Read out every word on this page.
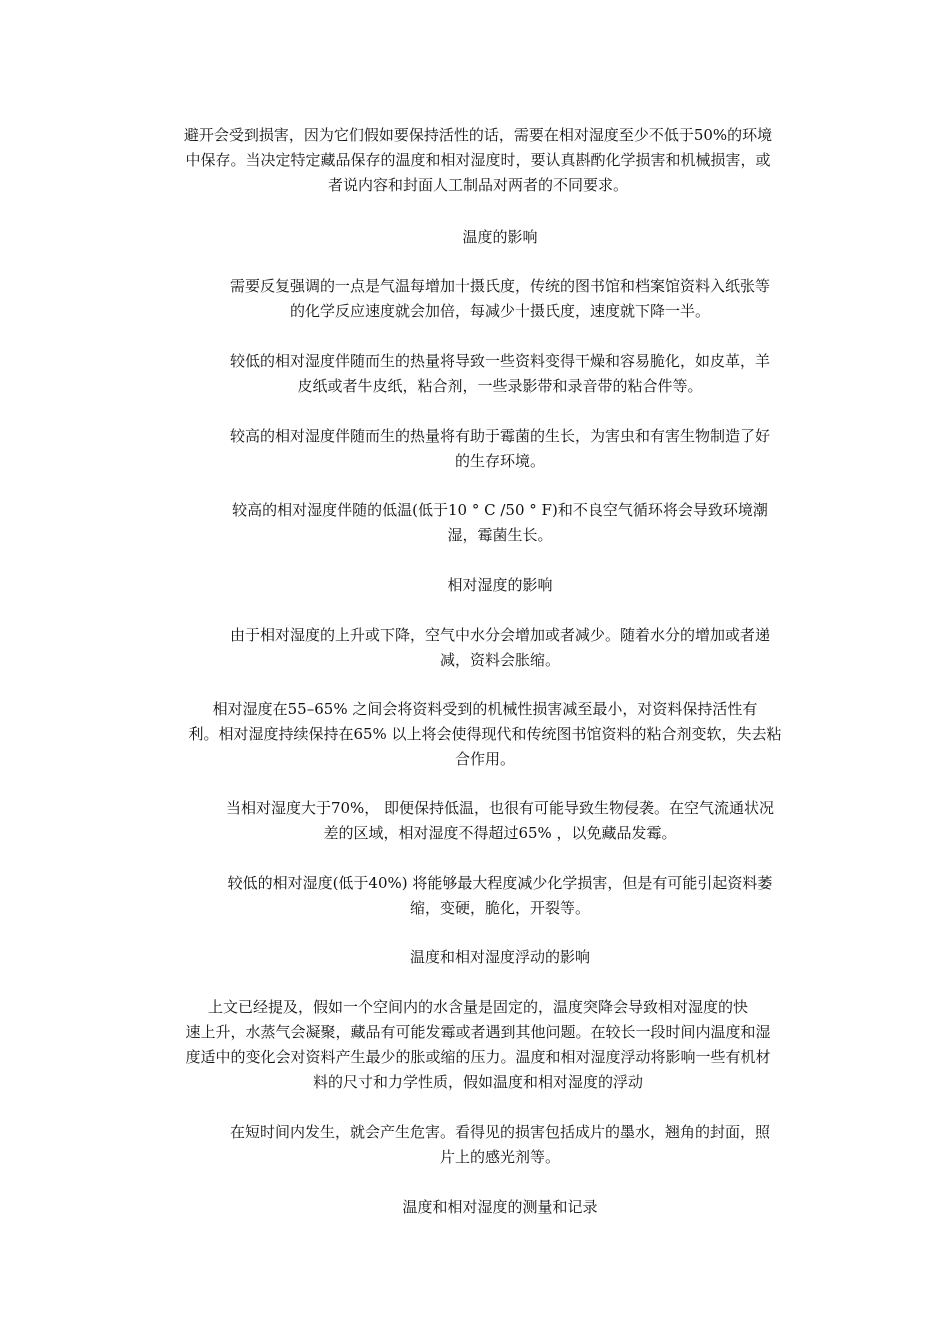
避开会受到损害，因为它们假如要保持活性的话，需要在相对湿度至少不低于50%的环境
中保存。当决定特定藏品保存的温度和相对湿度时，要认真斟酌化学损害和机械损害，或
者说内容和封面人工制品对两者的不同要求。
温度的影响
需要反复强调的一点是气温每增加十摄氏度，传统的图书馆和档案馆资料入纸张等
的化学反应速度就会加倍，每减少十摄氏度，速度就下降一半。
较低的相对湿度伴随而生的热量将导致一些资料变得干燥和容易脆化，如皮革，羊
皮纸或者牛皮纸，粘合剂，一些录影带和录音带的粘合件等。
较高的相对湿度伴随而生的热量将有助于霉菌的生长，为害虫和有害生物制造了好
的生存环境。
较高的相对湿度伴随的低温(低于10 ° C /50 ° F)和不良空气循环将会导致环境潮
湿，霉菌生长。
相对湿度的影响
由于相对湿度的上升或下降，空气中水分会增加或者减少。随着水分的增加或者递
减，资料会胀缩。
相对湿度在55–65% 之间会将资料受到的机械性损害减至最小，对资料保持活性有
利。相对湿度持续保持在65% 以上将会使得现代和传统图书馆资料的粘合剂变软，失去粘
合作用。
当相对湿度大于70%， 即便保持低温，也很有可能导致生物侵袭。在空气流通状况
差的区域，相对湿度不得超过65% ，以免藏品发霉。
较低的相对湿度(低于40%) 将能够最大程度减少化学损害，但是有可能引起资料萎
缩，变硬，脆化，开裂等。
温度和相对湿度浮动的影响
上文已经提及，假如一个空间内的水含量是固定的，温度突降会导致相对湿度的快
速上升，水蒸气会凝聚，藏品有可能发霉或者遇到其他问题。在较长一段时间内温度和湿
度适中的变化会对资料产生最少的胀或缩的压力。温度和相对湿度浮动将影响一些有机材
料的尺寸和力学性质，假如温度和相对湿度的浮动
在短时间内发生，就会产生危害。看得见的损害包括成片的墨水，翘角的封面，照
片上的感光剂等。
温度和相对湿度的测量和记录
